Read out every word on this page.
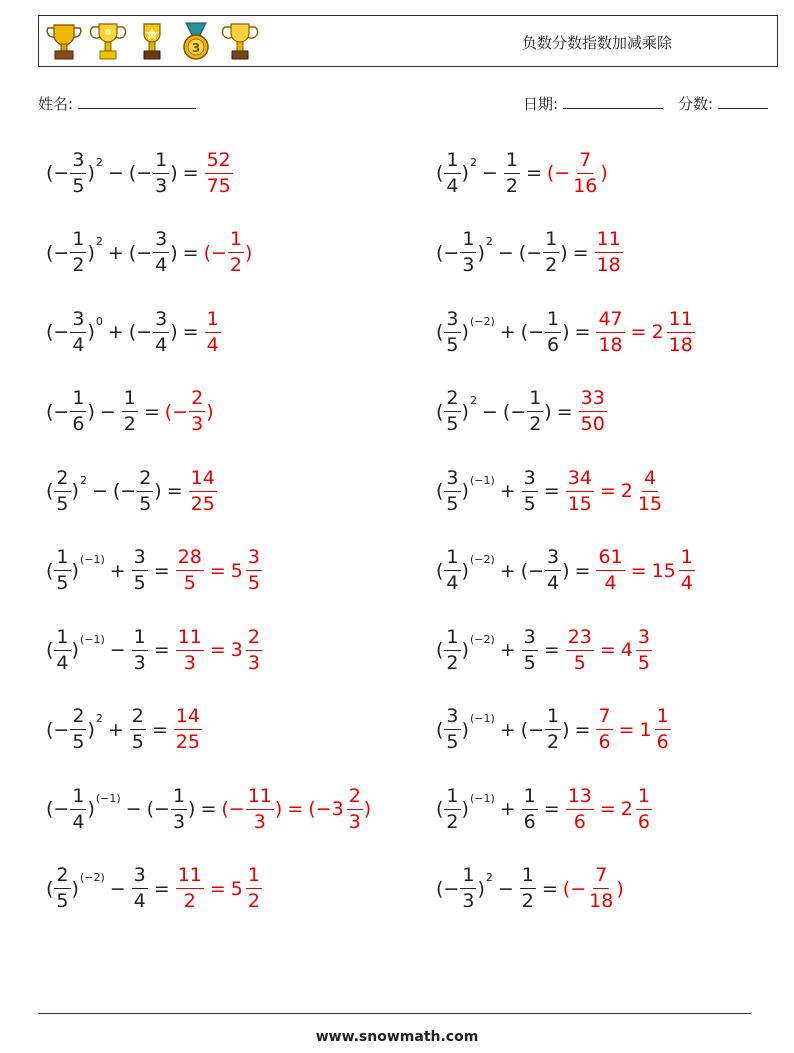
3	负数分数指数加减乘除
姓名:	日期:	分数:
( − $\frac{3}{5}$ ) 2 − ( − $\frac{1}{3}$ ) = $\frac{52}{75}$	( $\frac{1}{4}$ ) $2 - \frac{1}{2}$ = ( − $\frac{7}{16}$ )
( − $\frac{1}{2}$ ) 2 + ( − $\frac{3}{4}$ ) = ( − $\frac{1}{2}$ )	( − $\frac{1}{3}$ ) 2 − ( − $\frac{1}{2}$ ) = $\frac{11}{18}$
( − $\frac{3}{4}$ ) 0 + ( − $\frac{3}{4}$ ) = $\frac{1}{4}$	( $\frac{3}{5}$ ) (−2) + ( − $\frac{1}{6}$ ) = $\frac{47}{18} = 2 \frac{11}{18}$
( − $\frac{1}{6}$ ) − $\frac{1}{2}$ = ( − $\frac{2}{3}$ )	( $\frac{2}{5}$ ) 2 − ( − $\frac{1}{2}$ ) = $\frac{33}{50}$
( $\frac{2}{5}$ ) 2 − ( − $\frac{2}{5}$ ) = $\frac{14}{25}$	( $\frac{3}{5}$ ) $(-1) + \frac{3}{5} = \frac{34}{15} = 2 \frac{4}{15}$
( $\frac{1}{5}$ ) $(-1) + \frac{3}{5} = \frac{28}{5} = 5 \frac{3}{5}$	( $\frac{1}{4}$ ) (−2) + ( − $\frac{3}{4}$ ) = $\frac{61}{4} = 15 \frac{1}{4}$
( $\frac{1}{4}$ ) $(-1) - \frac{1}{3} = \frac{11}{3} = 3 \frac{2}{3}$	( $\frac{1}{2}$ ) $(-2) + \frac{3}{5} = \frac{23}{5} = 4 \frac{3}{5}$
( − $\frac{2}{5}$ ) $2 + \frac{2}{5} = \frac{14}{25}$	( $\frac{3}{5}$ ) (−1) + ( − $\frac{1}{2}$ ) = $\frac{7}{6} = 1 \frac{1}{6}$
( − $\frac{1}{4}$ ) (−1) − ( − $\frac{1}{3}$ ) = ( − $\frac{11}{3}$ ) = ( $-3 \frac{2}{3}$ )	( $\frac{1}{2}$ ) $(-1) + \frac{1}{6} = \frac{13}{6} = 2 \frac{1}{6}$
( $\frac{2}{5}$ ) $(-2) - \frac{3}{4} = \frac{11}{2} = 5 \frac{1}{2}$	( − $\frac{1}{3}$ ) $2 - \frac{1}{2}$ = ( − $\frac{7}{18}$ )
www.snowmath.com
